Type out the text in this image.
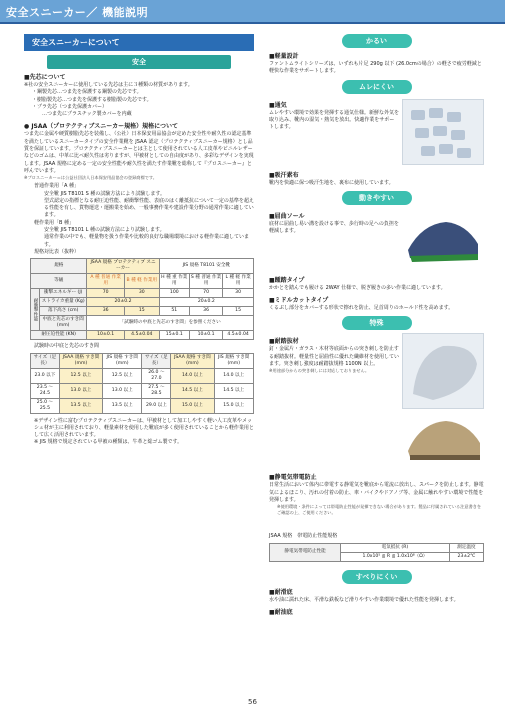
安全スニーカー／ 機能説明
安全スニーカーについて
安全
■先芯について

※社の安全スニーカーに使用している先芯は主に３種類の材質があります。

・鋼製先芯…つま先を保護する鋼製の先芯です。
・樹脂製先芯…つま先を保護する樹脂製の先芯です。
・プラ先芯（つま先保護カバー）
…つま先にプラスチック製カバーを内蔵
● JSAA（プロテクティブスニーカー規格）規格について

つま先に金属や硬質樹脂先芯を装備し、（公社）日本保安用品協会が定めた安全性や耐久性の認定基準を満たしているスニーカータイプの安全作業靴を JSAA 認定（プロテクティブスニーカー規格）とし品質を保証しています。プロテクティブスニーカーとは主として使用されている人工皮革やビニルレザーなどのゴムは、中革に比べ耐久性は劣りますが、甲被材としての自由度があり、多彩なデザインを実現します。JSAA 規格に定める一定の安全性能や耐久性を満たす作業靴を総称して『プロスニーカー』と呼んでいます。

※プロスニーカー＝は公益社団法人日本保安用品協会の登録商標です。

普通作業用「A 種」

安全靴 JIS T8101 S 種の試験方法により試験します。

型式認定の指標となる耐圧迫性能、耐衝撃性能、表底のはく離抵抗について一定の基準を超える性能を有し、貨物運送・運搬業を始め、一般事務作業や建設作業分野の通常作業に適しています。

軽作業用「B 種」

安全靴 JIS T8101 L 種の試験方法により試験します。

通常作業の中でも、軽量物を扱う作業や比較的良好な職場環境における軽作業に適しています。

規格対比表（抜粋）

規格		JSAA 規格 プロテクティブ スニーカー		JIS 規格 T8101 安全靴		
等級		A 種 普通 作業用	B 種 軽 作業用	H 種 重 作業用	S 種 普通 作業用	L 種 軽 作業用
耐衝撃性能	衝撃エネルギー (J)	70	30	100	70	30
	ストライカ重量 (Kg)	20±0.2		20±0.2		
	落下高さ (cm)	36	15	51	36	15
	中底と先芯のすき間 (mm)	「試験時の中底と先芯のすき間」を参照ください				
耐圧迫性能 (KN)		10±0.1	4.5±0.04	15±0.1	10±0.1	4.5±0.04

試験時の中底と先芯のすき間

サイズ（足長）	JSAA 規格 すき間 (mm)	JIS 規格 すき間 (mm)	サイズ（足長）	JSAA 規格 すき間 (mm)	JIS 規格 すき間 (mm)
23.0 以下	12.5 以上	12.5 以上	26.0 〜 27.0	14.0 以上	14.0 以上
23.5 〜 24.5	13.0 以上	13.0 以上	27.5 〜 28.5	14.5 以上	14.5 以上
25.0 〜 25.5	13.5 以上	13.5 以上	29.0 以上	15.0 以上	15.0 以上

※デザイン性に富むプロテクティブスニーカーは、甲被材として加工しやすく軽い人工皮革やメッシュ材が主に利用されており、軽量素材を使用した靴底が多く使用されていることから軽作業用として広く活用されています。

※ JIS 規格で規定されている甲被の種類は、牛革と総ゴム製です。

かるい
■軽量設計

ファントムライトシリーズは、いずれも片足 290g 以下 (26.0cmの場合）の軽さで疲労軽減と軽快な作業をサポートします。

ムレにくい
■通気

ムレやすい環境で効果を発揮する通気仕様。新鮮な外気を取り込み、靴内の湿気・熱気を放出。快適作業をサポートします。

■吸汗素布

靴内を快適に保つ吸汗生地を、裏布に使用しています。

動きやすい
■屈曲ソール

底材に屈曲し易い溝を設ける事で、歩行時の足への負担を軽減します。

■踵踏タイプ

かかとを踏んでも履ける 2WAY 仕様で、脱ぎ履きの多い作業に適しています。

■ミドルカットタイプ

くるぶし部分をカバーする形状で擦れを防止、足首周りのホールド性を高めます。

特殊
■耐踏抜材

釘・金属片・ガラス・木材等底面からの突き刺しを防止する耐踏抜材。軽量性と屈曲性に優れた繊維材を使用しています。突き刺し強度は耐踏抜規格 1100N 以上。

※用途部分からの突き刺しには対応しておりません。

■静電気帯電防止

日常生活において体内に帯電する静電気を靴底から電流に放出し、スパークを防止します。静電気によるほこり、汚れの付着の防止、車・バイクやドアノブ等、金属に触れやすい環境で性能を発揮します。

※使用環境・条件によっては帯電防止性能が発揮できない場合があります。製品に付属されている注意書きをご確認の上、ご使用ください。

JSAA 規格　帯電防止性能規格

静電気帯電防止性能	電気抵抗 (R)	測定温度
	1.0x10⁵ ≦ R ≦ 1.0x10⁸（Ω）	23±2℃
すべりにくい
■耐滑底

水や油に濡れた床、平滑な鉄板など滑りやすい作業環境で優れた性能を発揮します。

■耐油底
56
